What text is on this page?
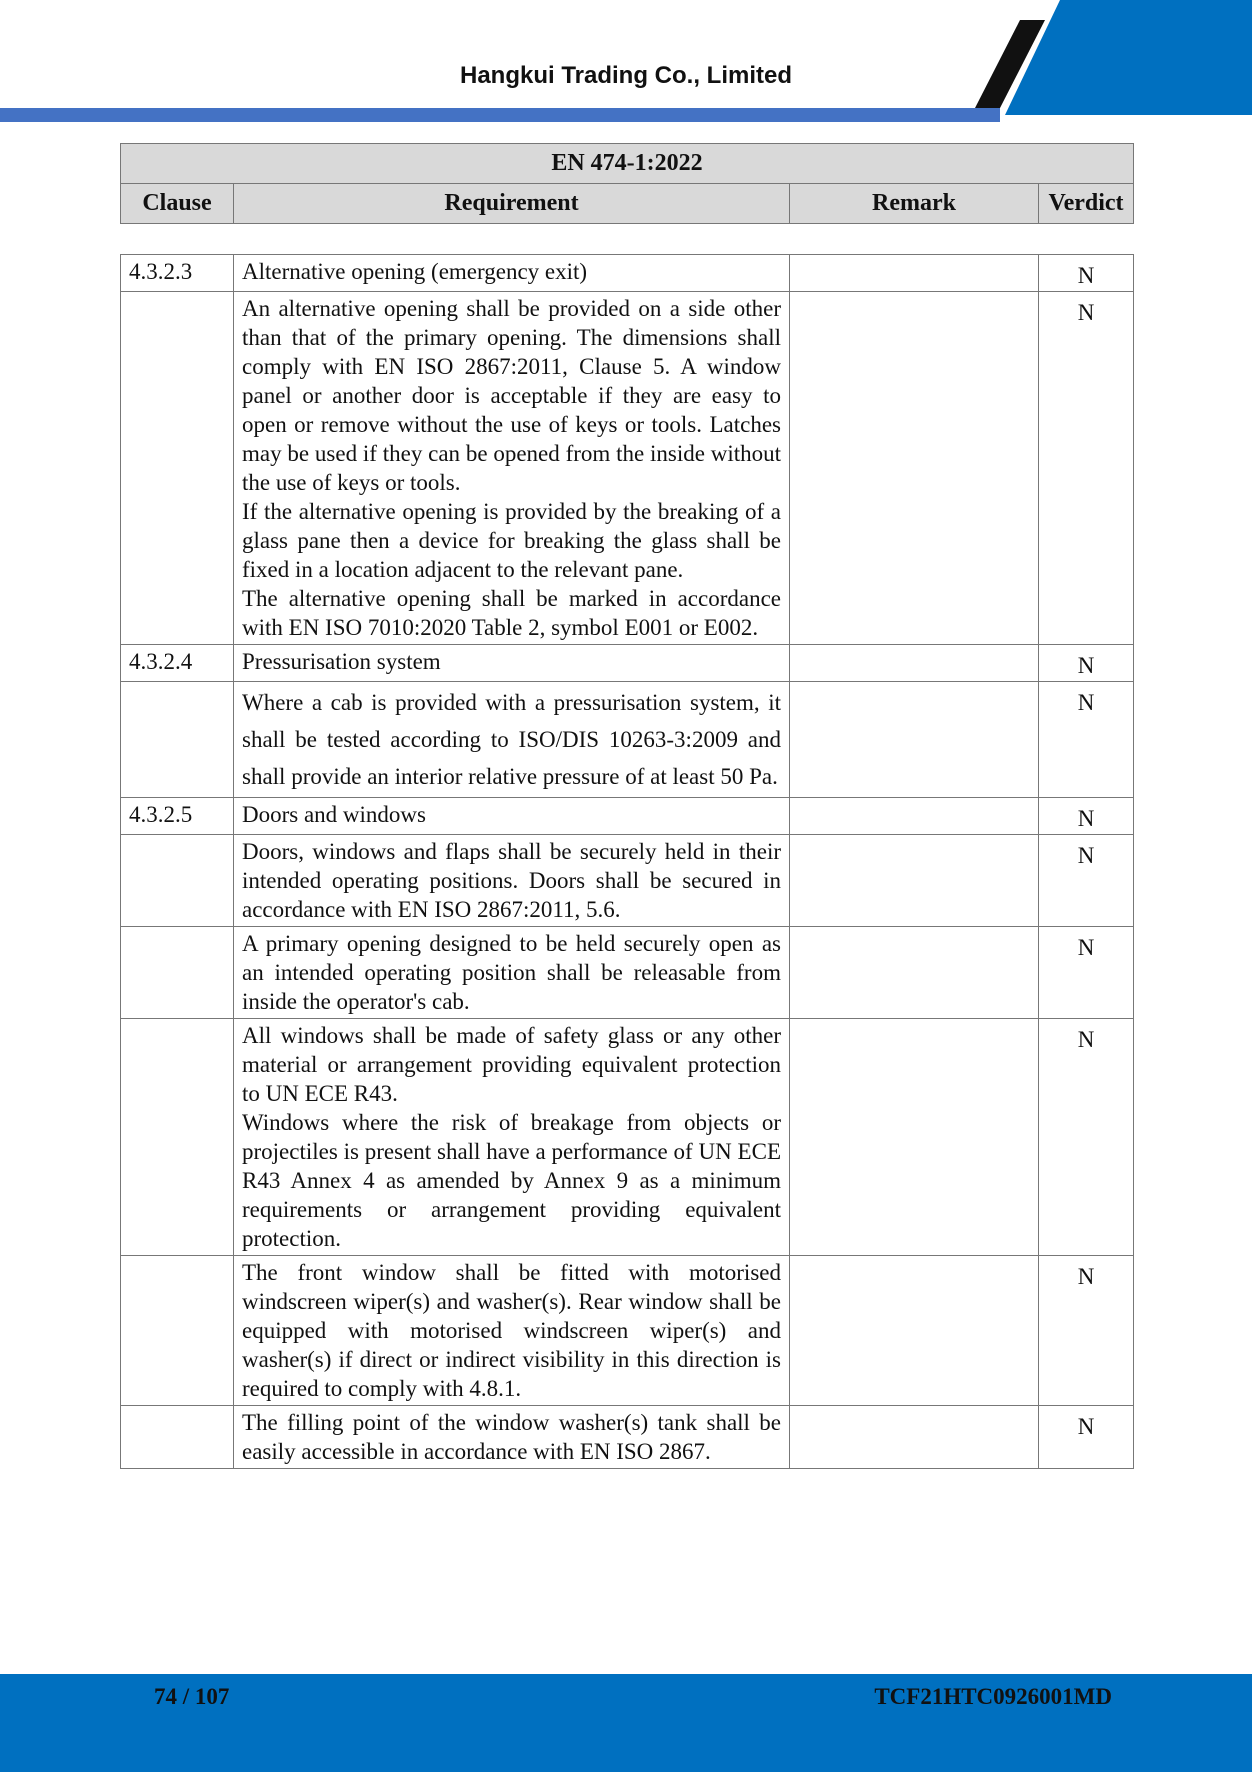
Hangkui Trading Co., Limited
EN 474-1:2022
Clause	Requirement	Remark	Verdict
4.3.2.3	Alternative opening (emergency exit)		N

	An alternative opening shall be provided on a side other than that of the primary opening. The dimensions shall comply with EN ISO 2867:2011, Clause 5. A window panel or another door is acceptable if they are easy to open or remove without the use of keys or tools. Latches may be used if they can be opened from the inside without the use of keys or tools.

If the alternative opening is provided by the breaking of a glass pane then a device for breaking the glass shall be fixed in a location adjacent to the relevant pane.

The alternative opening shall be marked in accordance with EN ISO 7010:2020 Table 2, symbol E001 or E002.		N
4.3.2.4	Pressurisation system		N

	Where a cab is provided with a pressurisation system, it shall be tested according to ISO/DIS 10263-3:2009 and shall provide an interior relative pressure of at least 50 Pa.		N
4.3.2.5	Doors and windows		N

	Doors, windows and flaps shall be securely held in their intended operating positions. Doors shall be secured in accordance with EN ISO 2867:2011, 5.6.		N

	A primary opening designed to be held securely open as an intended operating position shall be releasable from inside the operator's cab.		N

	All windows shall be made of safety glass or any other material or arrangement providing equivalent protection to UN ECE R43.

Windows where the risk of breakage from objects or projectiles is present shall have a performance of UN ECE R43 Annex 4 as amended by Annex 9 as a minimum requirements or arrangement providing equivalent protection.		N

	The front window shall be fitted with motorised windscreen wiper(s) and washer(s). Rear window shall be equipped with motorised windscreen wiper(s) and washer(s) if direct or indirect visibility in this direction is required to comply with 4.8.1.		N

	The filling point of the window washer(s) tank shall be easily accessible in accordance with EN ISO 2867.		N
74 / 107	TCF21HTC0926001MD
